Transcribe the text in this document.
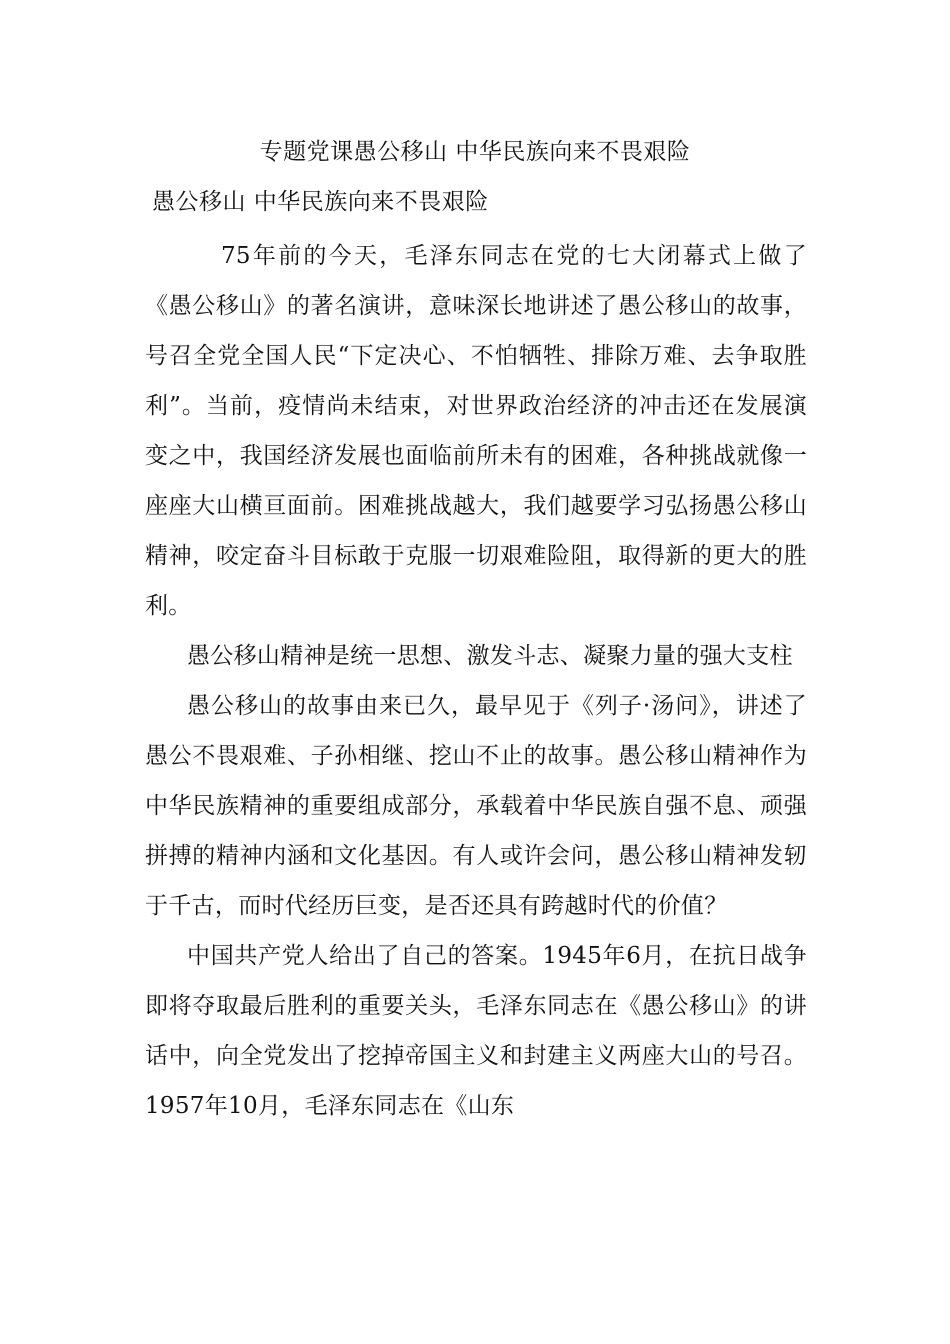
专题党课愚公移山 中华民族向来不畏艰险
愚公移山 中华民族向来不畏艰险

75年前的今天，毛泽东同志在党的七大闭幕式上做了《愚公移山》的著名演讲，意味深长地讲述了愚公移山的故事，号召全党全国人民“下定决心、不怕牺牲、排除万难、去争取胜利”。当前，疫情尚未结束，对世界政治经济的冲击还在发展演变之中，我国经济发展也面临前所未有的困难，各种挑战就像一座座大山横亘面前。困难挑战越大，我们越要学习弘扬愚公移山精神，咬定奋斗目标敢于克服一切艰难险阻，取得新的更大的胜利。

愚公移山精神是统一思想、激发斗志、凝聚力量的强大支柱

愚公移山的故事由来已久，最早见于《列子·汤问》，讲述了愚公不畏艰难、子孙相继、挖山不止的故事。愚公移山精神作为中华民族精神的重要组成部分，承载着中华民族自强不息、顽强拼搏的精神内涵和文化基因。有人或许会问，愚公移山精神发轫于千古，而时代经历巨变，是否还具有跨越时代的价值？

中国共产党人给出了自己的答案。1945年6月，在抗日战争即将夺取最后胜利的重要关头，毛泽东同志在《愚公移山》的讲话中，向全党发出了挖掉帝国主义和封建主义两座大山的号召。1957年10月，毛泽东同志在《山东
